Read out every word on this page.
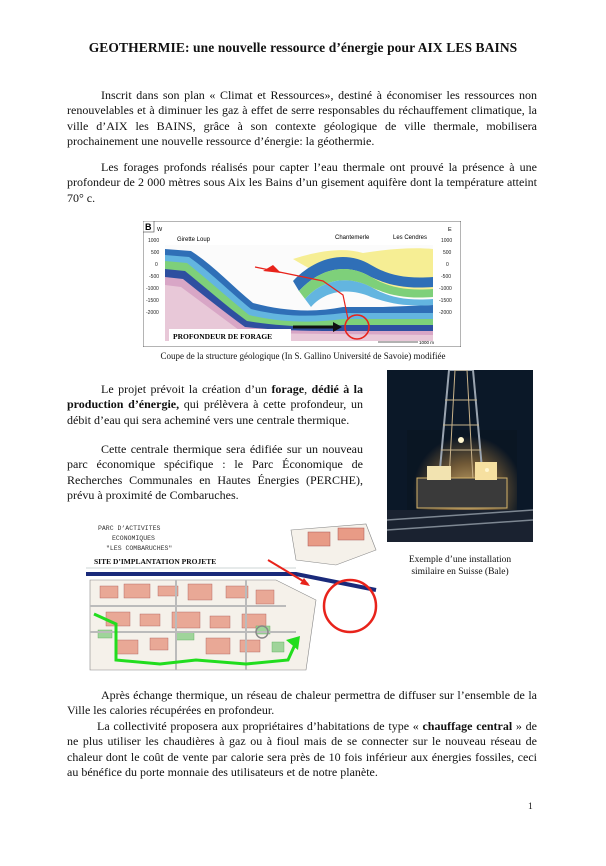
GEOTHERMIE: une nouvelle ressource d’énergie pour AIX LES BAINS

Inscrit dans son plan « Climat et Ressources», destiné à économiser les ressources non renouvelables et à diminuer les gaz à effet de serre responsables du réchauffement climatique, la ville d’AIX les BAINS, grâce à son contexte géologique de ville thermale, mobilisera prochainement une nouvelle ressource d’énergie: la géothermie.

Les forages profonds réalisés pour capter l’eau thermale ont prouvé la présence à une profondeur de 2 000 mètres sous Aix les Bains d’un gisement aquifère dont la température atteint 70° c.

B W	E
Girette Loup	Chantemerle	Les Cendres
1000
500
0
-500
-1000
-1500
-2000
1000
500
0
-500
-1000
-1500
-2000
1000 m
PROFONDEUR DE FORAGE
Coupe de la structure géologique (In S. Gallino Université de Savoie) modifiée

Le projet prévoit la création d’un forage, dédié à la production d’énergie, qui prélèvera à cette profondeur, un débit d’eau qui sera acheminé vers une centrale thermique.

Cette centrale thermique sera édifiée sur un nouveau parc économique spécifique : le Parc Économique de Recherches Communales en Hautes Énergies (PERCHE), prévu à proximité de Combaruches.

Exemple d’une installation
similaire en Suisse (Bale)
PARC D’ACTIVITES
ECONOMIQUES
"LES COMBARUCHES"
SITE D’IMPLANTATION PROJETE

Après échange thermique, un réseau de chaleur permettra de diffuser sur l’ensemble de la Ville les calories récupérées en profondeur.

La collectivité proposera aux propriétaires d’habitations de type « chauffage central » de ne plus utiliser les chaudières à gaz ou à fioul mais de se connecter sur le nouveau réseau de chaleur dont le coût de vente par calorie sera près de 10 fois inférieur aux énergies fossiles, ceci au bénéfice du porte monnaie des utilisateurs et de notre planète.

1
